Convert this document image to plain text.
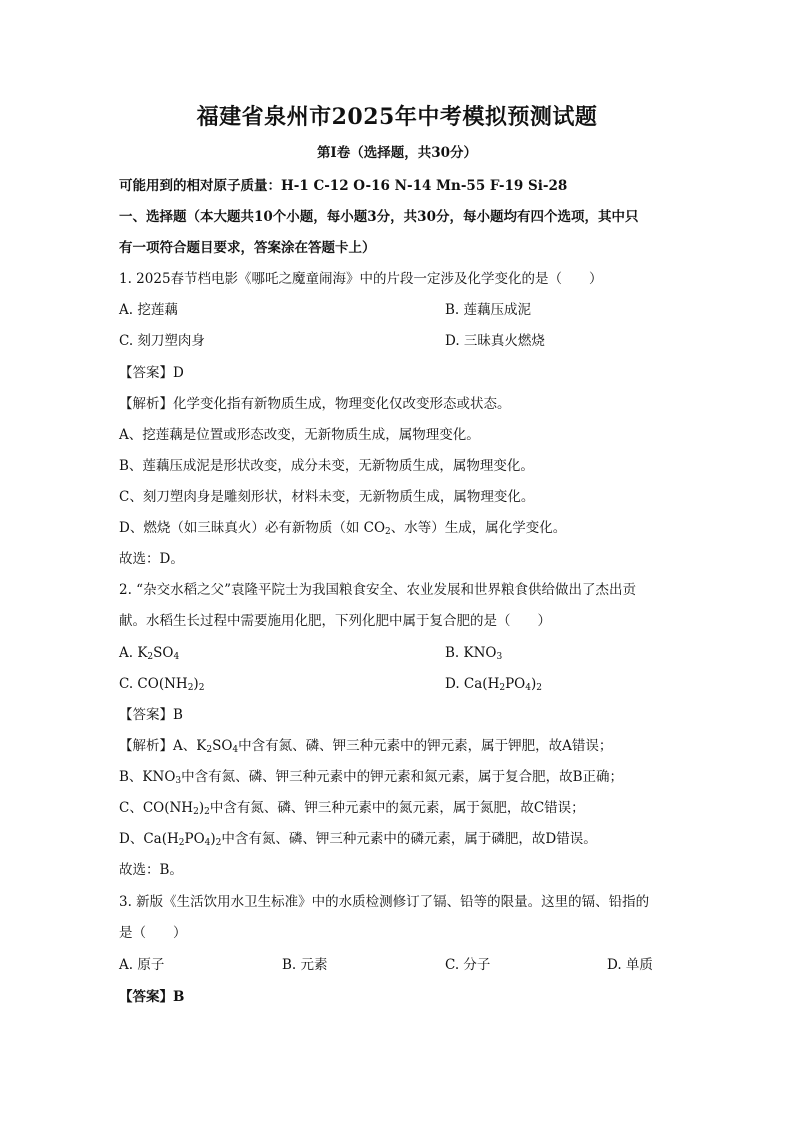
福建省泉州市2025年中考模拟预测试题
第I卷（选择题，共30分）
可能用到的相对原子质量：H-1 C-12 O-16 N-14 Mn-55 F-19 Si-28
一、选择题（本大题共10个小题，每小题3分，共30分，每小题均有四个选项，其中只
有一项符合题目要求，答案涂在答题卡上）
1. 2025春节档电影《哪吒之魔童闹海》中的片段一定涉及化学变化的是（　　）
A. 挖莲藕	B. 莲藕压成泥
C. 刻刀塑肉身	D. 三昧真火燃烧
【答案】D
【解析】化学变化指有新物质生成，物理变化仅改变形态或状态。
A、挖莲藕是位置或形态改变，无新物质生成，属物理变化。
B、莲藕压成泥是形状改变，成分未变，无新物质生成，属物理变化。
C、刻刀塑肉身是雕刻形状，材料未变，无新物质生成，属物理变化。
D、燃烧（如三昧真火）必有新物质（如 $CO_2$、水等）生成，属化学变化。
故选：D。
2. “杂交水稻之父”袁隆平院士为我国粮食安全、农业发展和世界粮食供给做出了杰出贡
献。水稻生长过程中需要施用化肥，下列化肥中属于复合肥的是（　　）
A. $K_2SO_4$	B. $KNO_3$
C. $CO(NH_2)_2$	D. $Ca(H_2PO_4)_2$
【答案】B
【解析】A、$K_2SO_4$中含有氮、磷、钾三种元素中的钾元素，属于钾肥，故A错误；
B、$KNO_3$中含有氮、磷、钾三种元素中的钾元素和氮元素，属于复合肥，故B正确；
C、$CO(NH_2)_2$中含有氮、磷、钾三种元素中的氮元素，属于氮肥，故C错误；
D、$Ca(H_2PO_4)_2$中含有氮、磷、钾三种元素中的磷元素，属于磷肥，故D错误。
故选：B。
3. 新版《生活饮用水卫生标准》中的水质检测修订了镉、铅等的限量。这里的镉、铅指的
是（　　）
A. 原子	B. 元素	C. 分子	D. 单质
【答案】B
